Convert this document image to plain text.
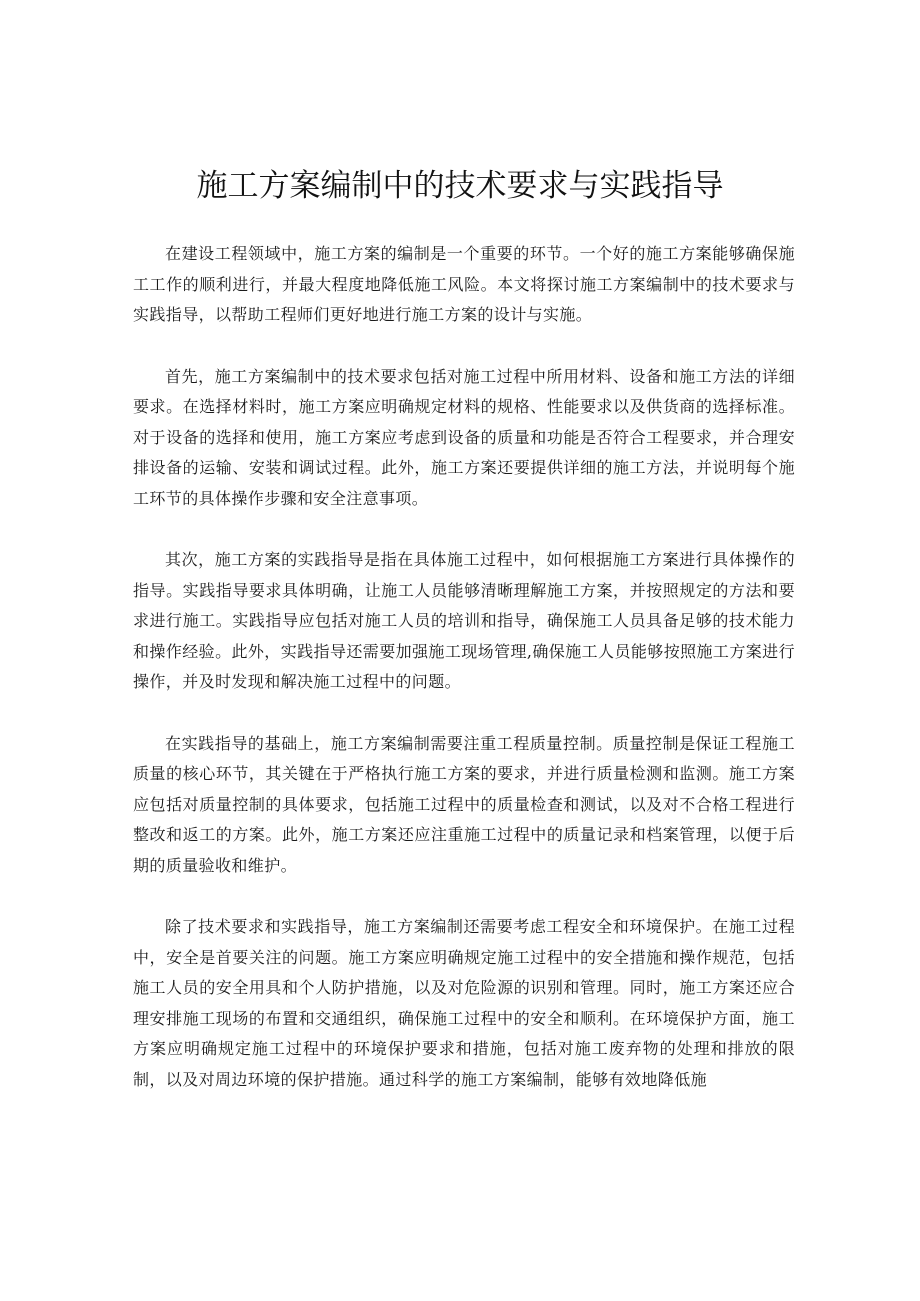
施工方案编制中的技术要求与实践指导

在建设工程领域中，施工方案的编制是一个重要的环节。一个好的施工方案能够确保施工工作的顺利进行，并最大程度地降低施工风险。本文将探讨施工方案编制中的技术要求与实践指导，以帮助工程师们更好地进行施工方案的设计与实施。

首先，施工方案编制中的技术要求包括对施工过程中所用材料、设备和施工方法的详细要求。在选择材料时，施工方案应明确规定材料的规格、性能要求以及供货商的选择标准。对于设备的选择和使用，施工方案应考虑到设备的质量和功能是否符合工程要求，并合理安排设备的运输、安装和调试过程。此外，施工方案还要提供详细的施工方法，并说明每个施工环节的具体操作步骤和安全注意事项。

其次，施工方案的实践指导是指在具体施工过程中，如何根据施工方案进行具体操作的指导。实践指导要求具体明确，让施工人员能够清晰理解施工方案，并按照规定的方法和要求进行施工。实践指导应包括对施工人员的培训和指导，确保施工人员具备足够的技术能力和操作经验。此外，实践指导还需要加强施工现场管理,确保施工人员能够按照施工方案进行操作，并及时发现和解决施工过程中的问题。

在实践指导的基础上，施工方案编制需要注重工程质量控制。质量控制是保证工程施工质量的核心环节，其关键在于严格执行施工方案的要求，并进行质量检测和监测。施工方案应包括对质量控制的具体要求，包括施工过程中的质量检查和测试，以及对不合格工程进行整改和返工的方案。此外，施工方案还应注重施工过程中的质量记录和档案管理，以便于后期的质量验收和维护。

除了技术要求和实践指导，施工方案编制还需要考虑工程安全和环境保护。在施工过程中，安全是首要关注的问题。施工方案应明确规定施工过程中的安全措施和操作规范，包括施工人员的安全用具和个人防护措施，以及对危险源的识别和管理。同时，施工方案还应合理安排施工现场的布置和交通组织，确保施工过程中的安全和顺利。在环境保护方面，施工方案应明确规定施工过程中的环境保护要求和措施，包括对施工废弃物的处理和排放的限制，以及对周边环境的保护措施。通过科学的施工方案编制，能够有效地降低施
